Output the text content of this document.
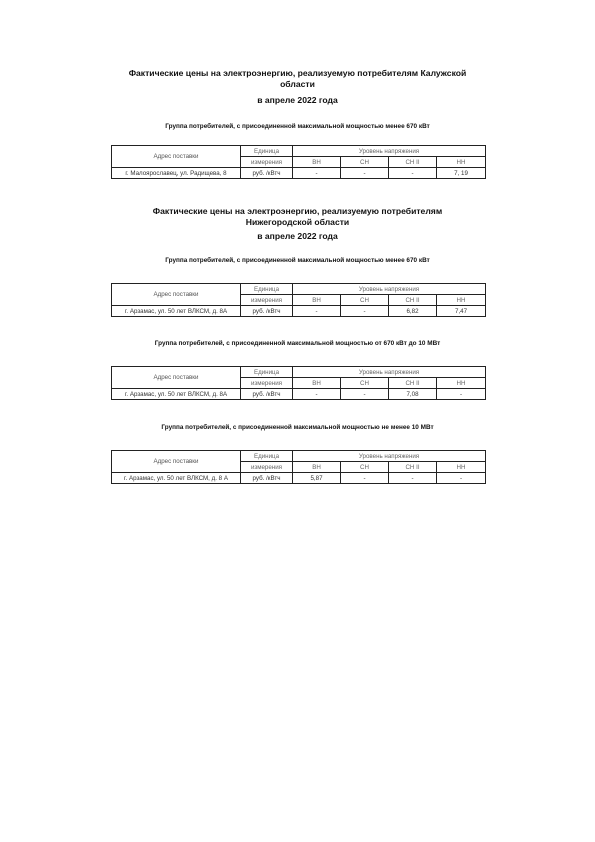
Фактические цены на электроэнергию, реализуемую потребителям Калужской
области

в апреле 2022 года

Группа потребителей, с присоединенной максимальной мощностью менее 670 кВт

Адрес поставки	Единица	Уровень напряжения			
	измерения	ВН	СН	СН II	НН
г. Малоярославец, ул. Радищева, 8	руб. /кВтч	-	-	-	7, 19

Фактические цены на электроэнергию, реализуемую потребителям
Нижегородской области

в апреле 2022 года

Группа потребителей, с присоединенной максимальной мощностью менее 670 кВт

Адрес поставки	Единица	Уровень напряжения			
	измерения	ВН	СН	СН II	НН
г. Арзамас, ул. 50 лет ВЛКСМ, д. 8А	руб. /кВтч	-	-	6,82	7,47

Группа потребителей, с присоединенной максимальной мощностью от 670 кВт до 10 МВт

Адрес поставки	Единица	Уровень напряжения			
	измерения	ВН	СН	СН II	НН
г. Арзамас, ул. 50 лет ВЛКСМ, д. 8А	руб. /кВтч	-	-	7,08	-

Группа потребителей, с присоединенной максимальной мощностью не менее 10 МВт

Адрес поставки	Единица	Уровень напряжения			
	измерения	ВН	СН	СН II	НН
г. Арзамас, ул. 50 лет ВЛКСМ, д. 8 А	руб. /кВтч	5,87	-	-	-
